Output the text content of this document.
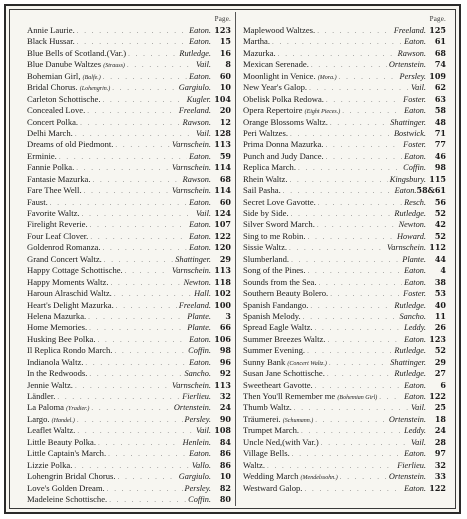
Page.
Annie Laurie. . . .	Eaton. 123
Black Hussar. . . .	Eaton.	15
Blue Bells of Scotland.(Var.) . . .	Rutledge.	16
Blue Danube Waltzes (Strauss) . . .	Vail.	8
Bohemian Girl, (Balfe.) . . .	Eaton.	60
Bridal Chorus. (Lohengrin.) . . .	Gargiulo.	10
Carleton Schottische. . . .	Kugler. 104
Concealed Love. . . .	Freeland.	20
Concert Polka. . . .	Rawson.	12
Delhi March. . . .	Vail. 128
Dreams of old Piedmont. . . .	Varnschein. 113
Erminie. . . .	Eaton.	59
Fannie Polka. . . .	Varnschein. 114
Fantasie Mazurka. . . .	Rawson.	68
Fare Thee Well. . . .	Varnschein. 114
Faust. . . .	Eaton.	60
Favorite Waltz. . . .	Vail. 124
Firelight Reverie. . . .	Eaton. 107
Four Leaf Clover. . . .	Eaton. 122
Goldenrod Romanza. . . .	Eaton. 120
Grand Concert Waltz. . . .	Shattinger.	29
Happy Cottage Schottische. . . .	Varnschein. 113
Happy Moments Waltz. . . .	Newton. 118
Haroun Alraschid Waltz. . . .	Hall. 102
Heart's Delight Mazurka. . . .	Freeland. 100
Helena Mazurka. . . .	Plante.	3
Home Memories. . . .	Plante.	66
Husking Bee Polka. . . .	Eaton. 106
Il Replica Rondo March. . . .	Coffin.	98
Indianola Waltz. . . .	Eaton.	96
In the Redwoods. . . .	Sancho.	92
Jennie Waltz. . . .	Varnschein. 113
Ländler. . . .	Fierlieu.	32
La Paloma (Yradier.) . . .	Ortenstein.	24
Largo. (Handel.) . . .	Persley.	90
Leaflet Waltz. . . .	Vail. 108
Little Beauty Polka. . . .	Henlein.	84
Little Captain's March. . . .	Eaton.	86
Lizzie Polka. . . .	Vallo.	86
Lohengrin Bridal Chorus. . . .	Gargiulo.	10
Love's Golden Dream. . . .	Persley.	82
Madeleine Schottische. . . .	Coffin.	80
Page.
Maplewood Waltzes. . . .	Freeland. 125
Martha. . . .	Eaton.	61
Mazurka. . . .	Rawson.	68
Mexican Serenade. . . .	Ortenstein.	74
Moonlight in Venice. (Mora.) . . .	Persley. 109
New Year's Galop. . . .	Vail.	62
Obelisk Polka Redowa. . . .	Foster.	63
Opera Repertoire (Eight Pieces.) . . .	Eaton.	58
Orange Blossoms Waltz. . . .	Shattinger.	48
Peri Waltzes. . . .	Bostwick.	71
Prima Donna Mazurka. . . .	Foster.	77
Punch and Judy Dance. . . .	Eaton.	46
Replica March. . . .	Coffin.	98
Rhein Waltz. . . .	Kingsbury. 115
Sail Pasha. . . .	Eaton. 58&61
Secret Love Gavotte. . . .	Resch.	56
Side by Side. . . .	Rutledge.	52
Silver Sword March. . . .	Newton.	42
Sing to me Robin. . . .	Howard.	52
Sissie Waltz. . . .	Varnschein. 112
Slumberland. . . .	Plante.	44
Song of the Pines. . . .	Eaton.	4
Sounds from the Sea. . . .	Eaton.	38
Southern Beauty Bolero. . . .	Foster.	53
Spanish Fandango. . . .	Rutledge.	40
Spanish Melody. . . .	Sancho.	11
Spread Eagle Waltz. . . .	Leddy.	26
Summer Breezes Waltz. . . .	Eaton. 123
Summer Evening. . . .	Rutledge.	52
Sunny Bank (Concert Waltz.) . . .	Shattinger.	29
Susan Jane Schottische. . . .	Rutledge.	27
Sweetheart Gavotte. . . .	Eaton.	6
Then You'll Remember me (Bohemian Girl) . . .	Eaton. 122
Thumb Waltz. . . .	Vail.	25
Träumerei. (Schumann.) . . .	Ortenstein.	18
Trumpet March. . . .	Leddy.	24
Uncle Ned,(with Var.) . . .	Vail.	28
Village Bells. . . .	Eaton.	97
Waltz. . . .	Fierlieu.	32
Wedding March (Mendelssohn.) . . .	Ortenstein.	33
Westward Galop. . . .	Eaton. 122
